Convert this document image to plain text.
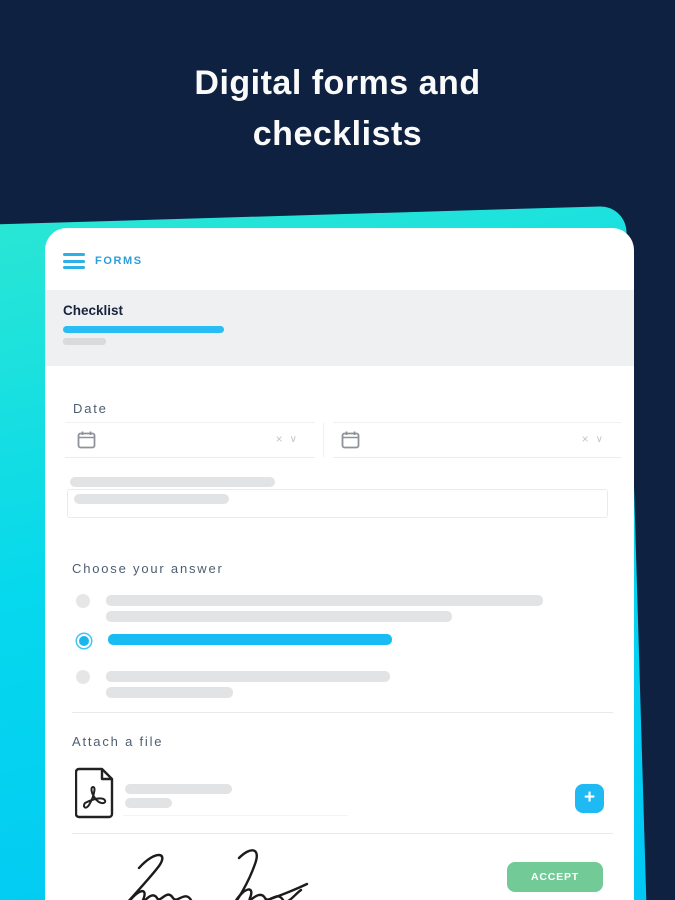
Digital forms and
checklists
FORMS
Checklist
Date
× ∨	× ∨
Choose your answer
Attach a file
+
ACCEPT
